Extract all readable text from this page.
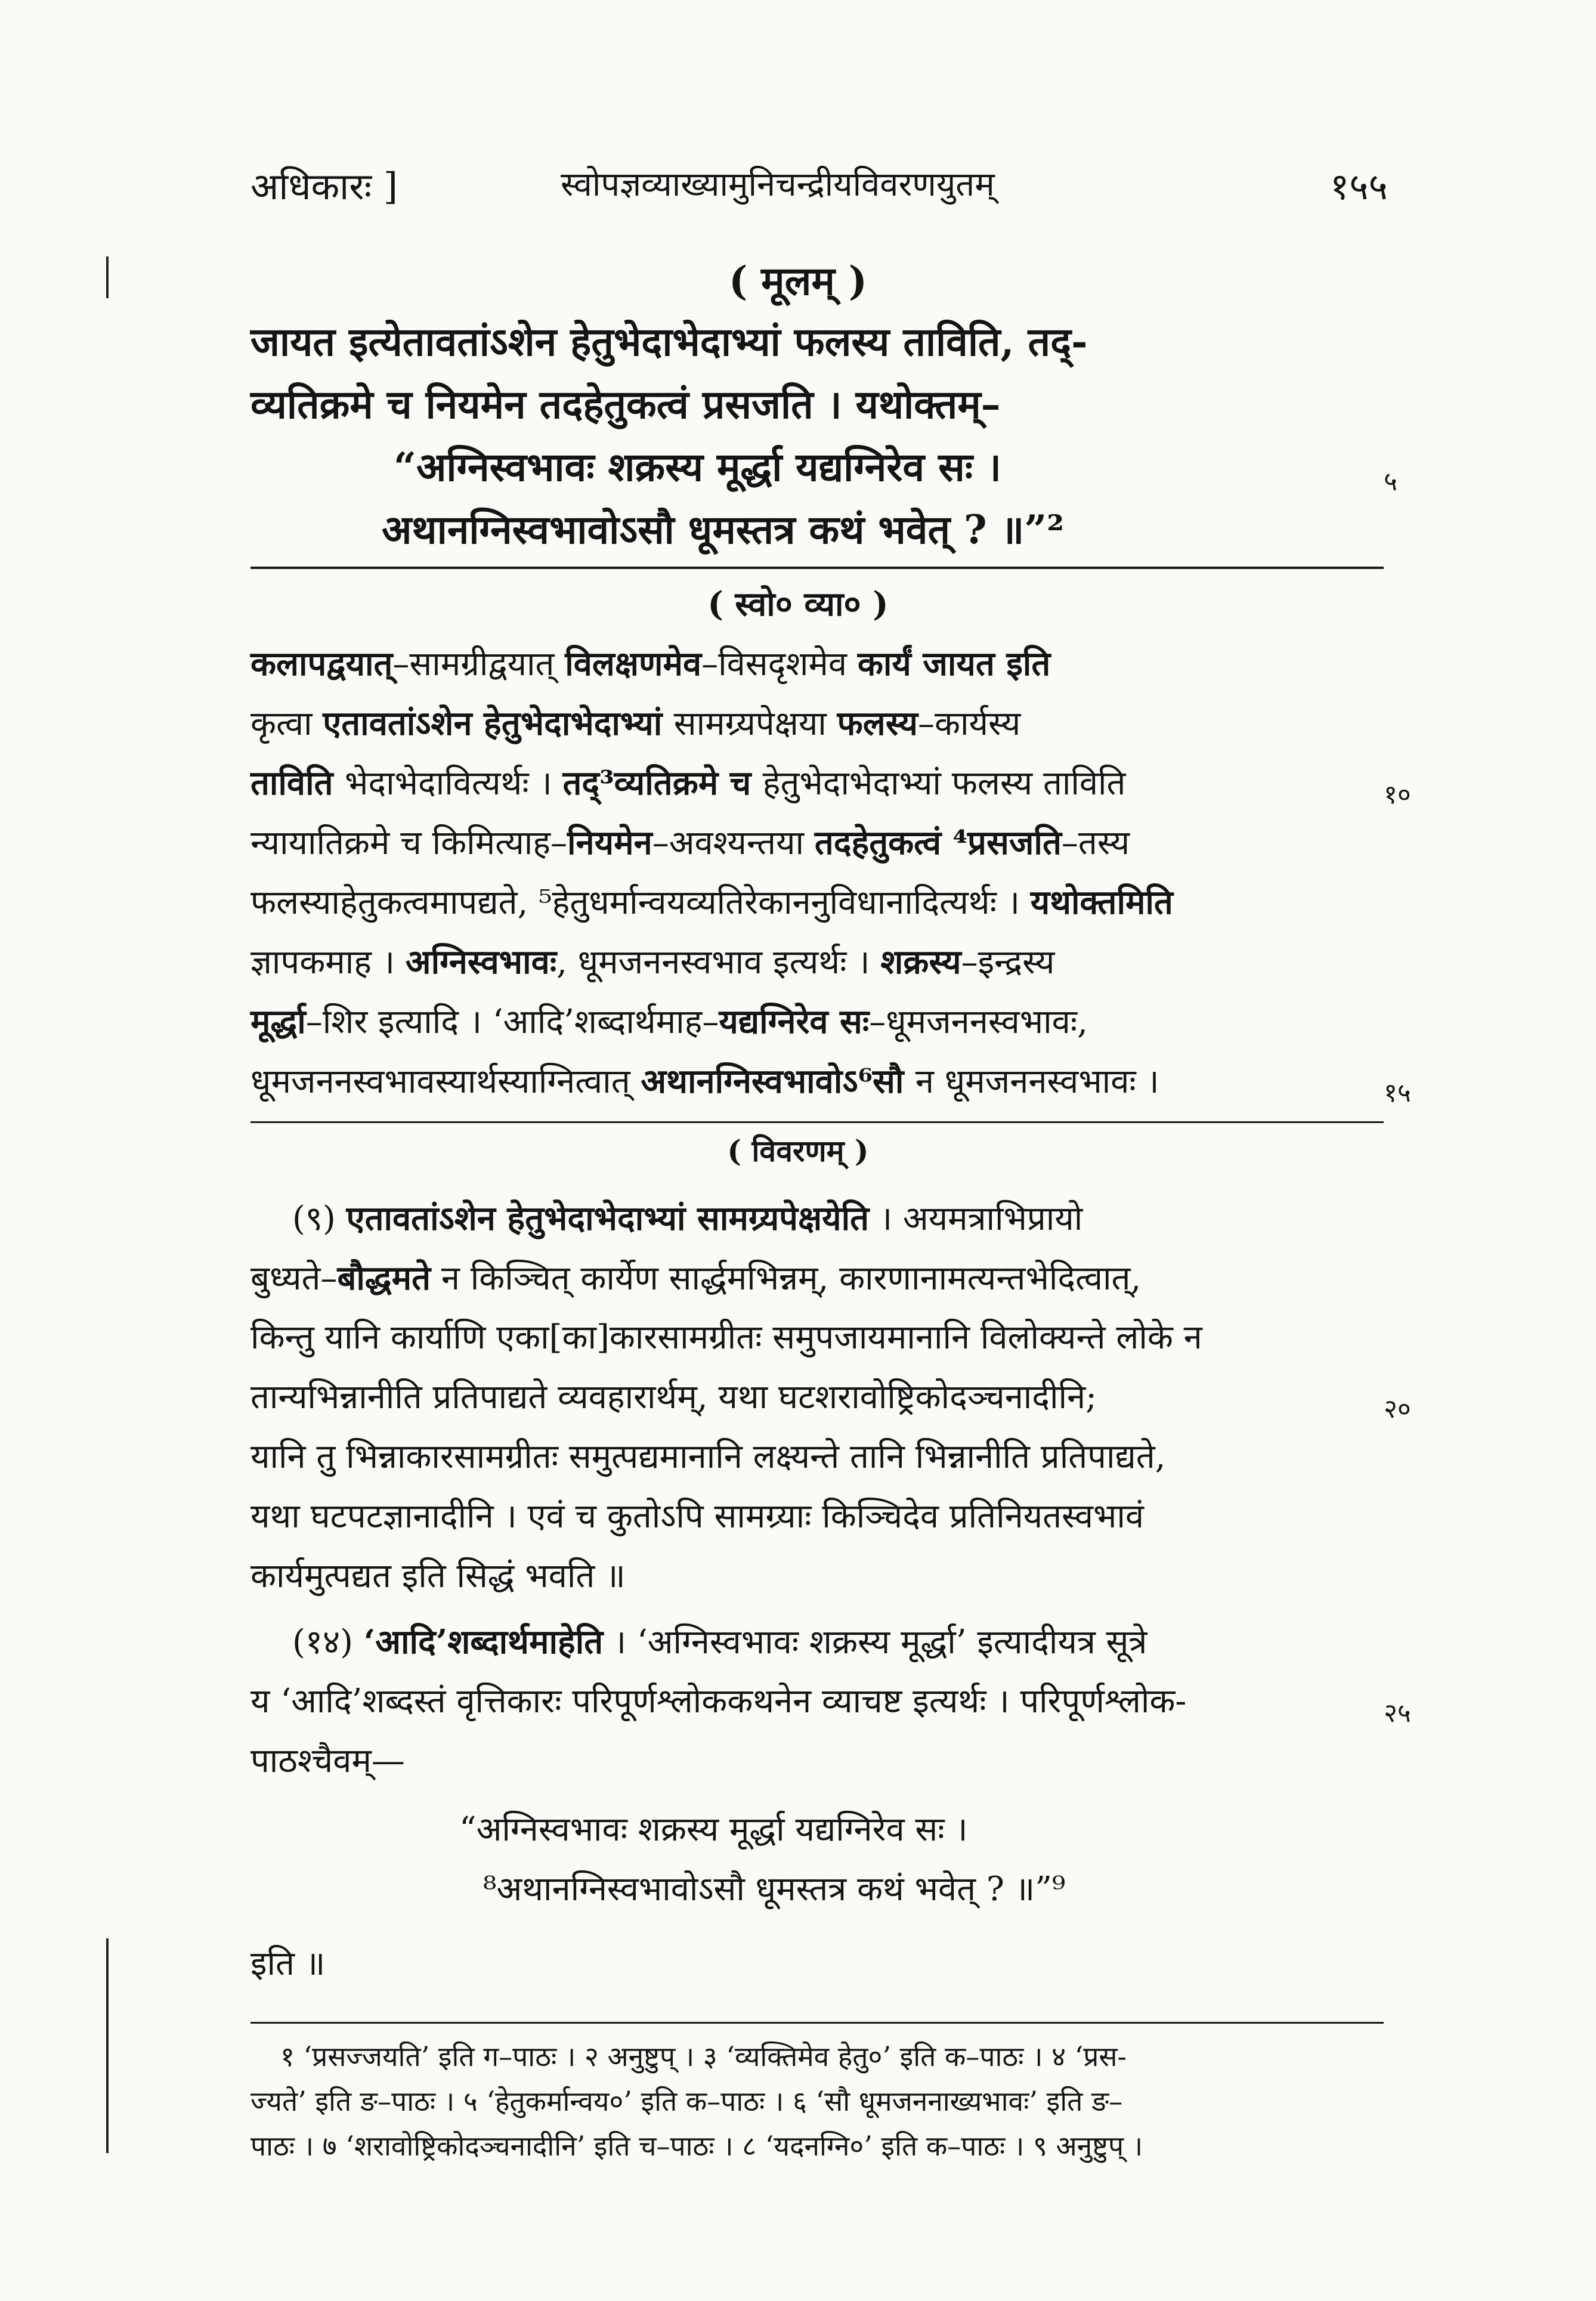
अधिकारः ]	स्वोपज्ञव्याख्यामुनिचन्द्रीयविवरणयुतम्	१५५
( मूलम् )
जायत इत्येतावतांऽशेन हेतुभेदाभेदाभ्यां फलस्य ताविति, तद्-
व्यतिक्रमे च नियमेन तदहेतुकत्वं प्रसजति । यथोक्तम्–
“अग्निस्वभावः शक्रस्य मूर्द्धा यद्यग्निरेव सः ।	५
अथानग्निस्वभावोऽसौ धूमस्तत्र कथं भवेत् ? ॥”²
( स्वो० व्या० )
कलापद्वयात्–सामग्रीद्वयात् विलक्षणमेव–विसदृशमेव कार्यं जायत इति
कृत्वा एतावतांऽशेन हेतुभेदाभेदाभ्यां सामग्र्यपेक्षया फलस्य–कार्यस्य
ताविति भेदाभेदावित्यर्थः । तद्³व्यतिक्रमे च हेतुभेदाभेदाभ्यां फलस्य ताविति	१०
न्यायातिक्रमे च किमित्याह–नियमेन–अवश्यन्तया तदहेतुकत्वं ⁴प्रसजति–तस्य
फलस्याहेतुकत्वमापद्यते, ⁵हेतुधर्मान्वयव्यतिरेकाननुविधानादित्यर्थः । यथोक्तमिति
ज्ञापकमाह । अग्निस्वभावः, धूमजननस्वभाव इत्यर्थः । शक्रस्य–इन्द्रस्य
मूर्द्धा–शिर इत्यादि । ‘आदि’शब्दार्थमाह–यद्यग्निरेव सः–धूमजननस्वभावः,
धूमजननस्वभावस्यार्थस्याग्नित्वात् अथानग्निस्वभावोऽ⁶सौ न धूमजननस्वभावः ।	१५
( विवरणम् )
(९) एतावतांऽशेन हेतुभेदाभेदाभ्यां सामग्र्यपेक्षयेति । अयमत्राभिप्रायो
बुध्यते–बौद्धमते न किञ्चित् कार्येण सार्द्धमभिन्नम्, कारणानामत्यन्तभेदित्वात्,
किन्तु यानि कार्याणि एका[का]कारसामग्रीतः समुपजायमानानि विलोक्यन्ते लोके न
तान्यभिन्नानीति प्रतिपाद्यते व्यवहारार्थम्, यथा घटशरावोष्ट्रिकोदञ्चनादीनि;	२०
यानि तु भिन्नाकारसामग्रीतः समुत्पद्यमानानि लक्ष्यन्ते तानि भिन्नानीति प्रतिपाद्यते,
यथा घटपटज्ञानादीनि । एवं च कुतोऽपि सामग्र्याः किञ्चिदेव प्रतिनियतस्वभावं
कार्यमुत्पद्यत इति सिद्धं भवति ॥
(१४) ‘आदि’शब्दार्थमाहेति । ‘अग्निस्वभावः शक्रस्य मूर्द्धा’ इत्यादीयत्र सूत्रे
य ‘आदि’शब्दस्तं वृत्तिकारः परिपूर्णश्लोककथनेन व्याचष्ट इत्यर्थः । परिपूर्णश्लोक-	२५
पाठश्चैवम्—
“अग्निस्वभावः शक्रस्य मूर्द्धा यद्यग्निरेव सः ।
⁸अथानग्निस्वभावोऽसौ धूमस्तत्र कथं भवेत् ? ॥”⁹
इति ॥
१ ‘प्रसज्जयति’ इति ग–पाठः । २ अनुष्टुप् । ३ ‘व्यक्तिमेव हेतु०’ इति क–पाठः । ४ ‘प्रस-
ज्यते’ इति ङ–पाठः । ५ ‘हेतुकर्मान्वय०’ इति क–पाठः । ६ ‘सौ धूमजननाख्यभावः’ इति ङ–
पाठः । ७ ‘शरावोष्ट्रिकोदञ्चनादीनि’ इति च–पाठः । ८ ‘यदनग्नि०’ इति क–पाठः । ९ अनुष्टुप् ।
